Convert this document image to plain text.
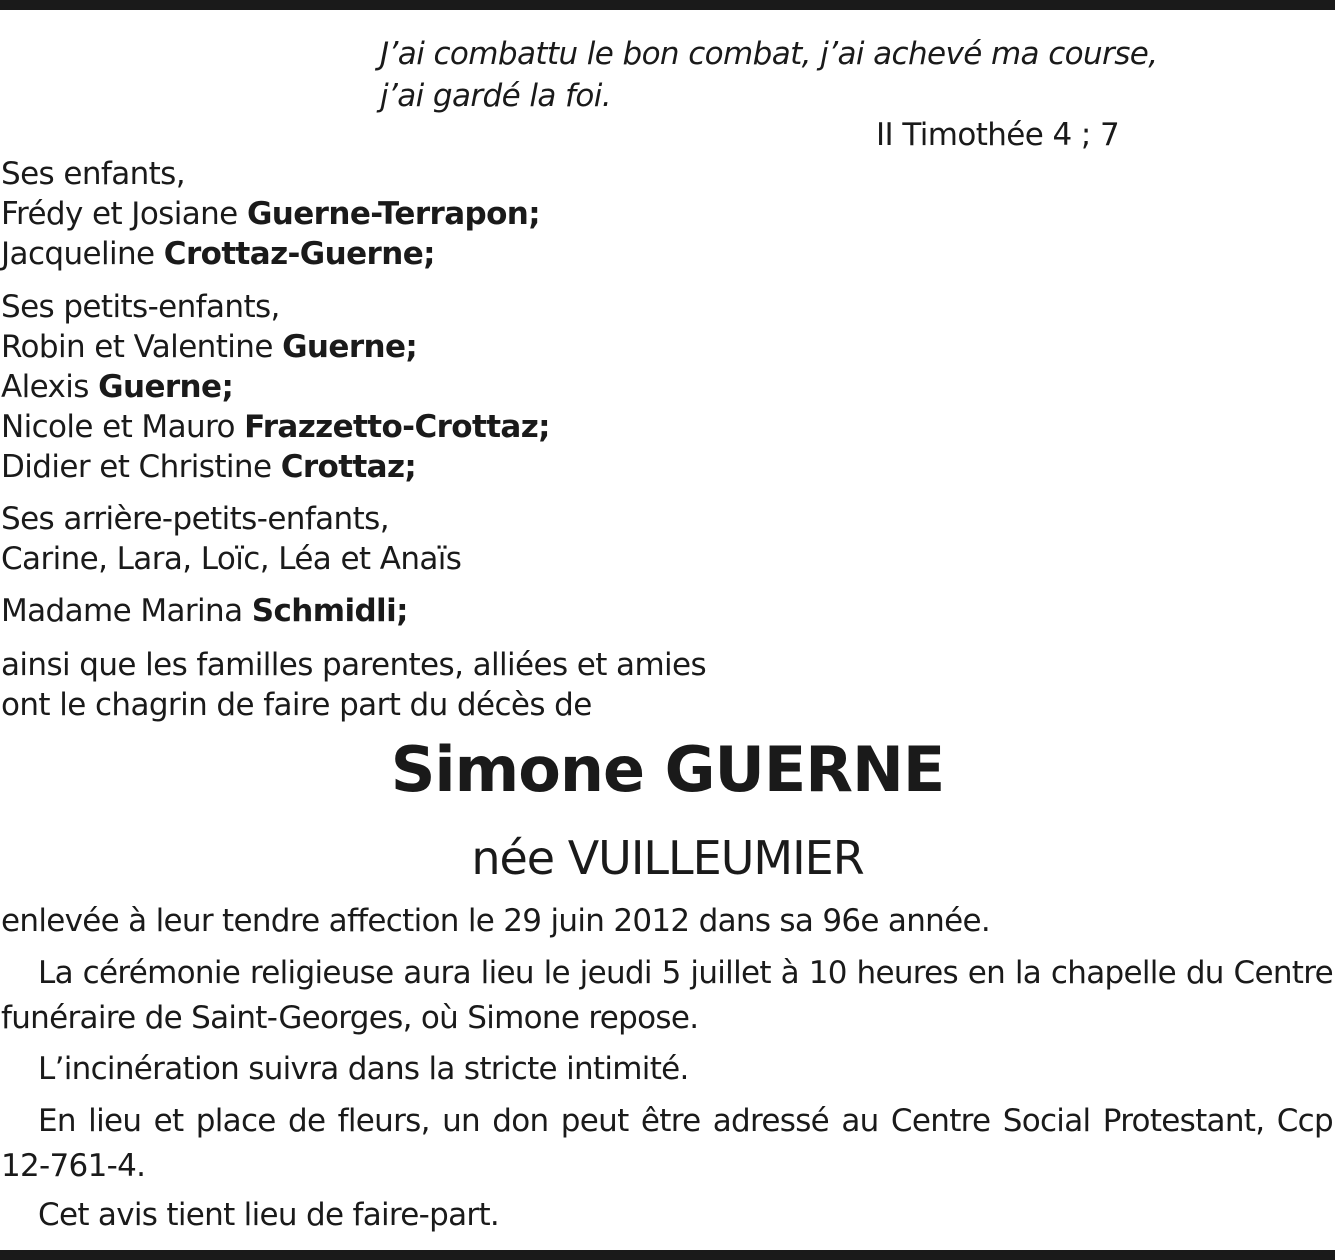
J’ai combattu le bon combat, j’ai achevé ma course,
j’ai gardé la foi.
II Timothée 4 ; 7
Ses enfants,
Frédy et Josiane Guerne-Terrapon;
Jacqueline Crottaz-Guerne;
Ses petits-enfants,
Robin et Valentine Guerne;
Alexis Guerne;
Nicole et Mauro Frazzetto-Crottaz;
Didier et Christine Crottaz;
Ses arrière-petits-enfants,
Carine, Lara, Loïc, Léa et Anaïs
Madame Marina Schmidli;
ainsi que les familles parentes, alliées et amies
ont le chagrin de faire part du décès de
Simone GUERNE
née VUILLEUMIER
enlevée à leur tendre affection le 29 juin 2012 dans sa 96e année.
La cérémonie religieuse aura lieu le jeudi 5 juillet à 10 heures en la chapelle du Centre funéraire de Saint-Georges, où Simone repose.
L’incinération suivra dans la stricte intimité.
En lieu et place de fleurs, un don peut être adressé au Centre Social Protestant, Ccp 12-761-4.
Cet avis tient lieu de faire-part.
